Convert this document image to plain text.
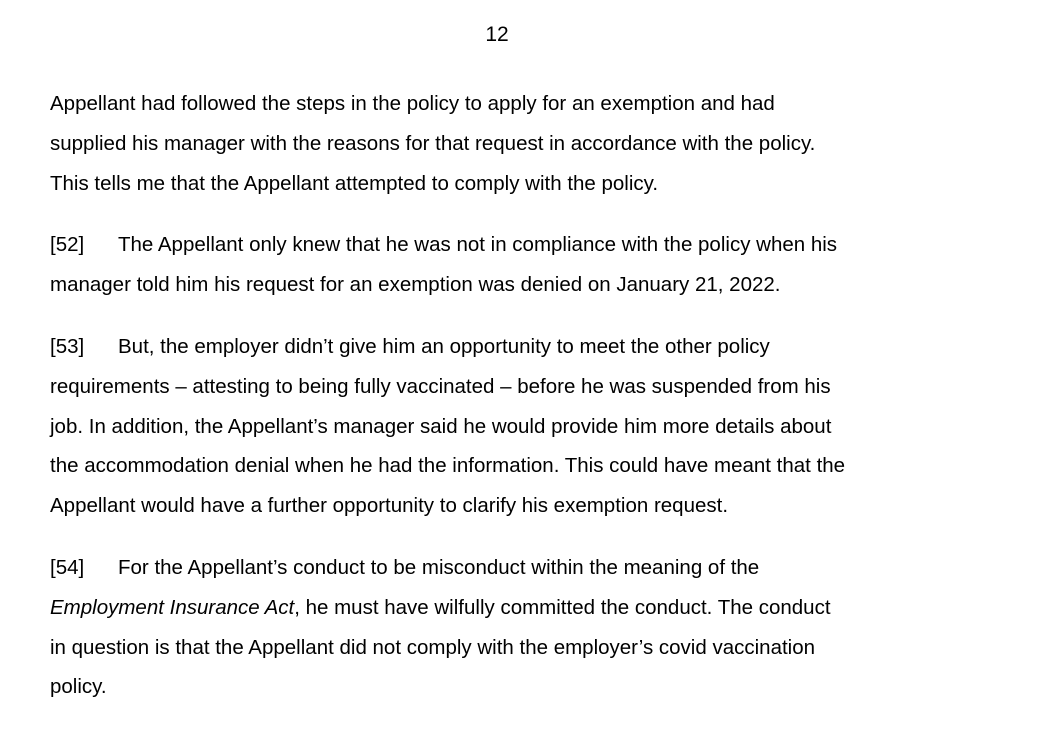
12
Appellant had followed the steps in the policy to apply for an exemption and had
supplied his manager with the reasons for that request in accordance with the policy.
This tells me that the Appellant attempted to comply with the policy.
[52] The Appellant only knew that he was not in compliance with the policy when his
manager told him his request for an exemption was denied on January 21, 2022.
[53] But, the employer didn’t give him an opportunity to meet the other policy
requirements – attesting to being fully vaccinated – before he was suspended from his
job. In addition, the Appellant’s manager said he would provide him more details about
the accommodation denial when he had the information. This could have meant that the
Appellant would have a further opportunity to clarify his exemption request.
[54] For the Appellant’s conduct to be misconduct within the meaning of the
Employment Insurance Act, he must have wilfully committed the conduct. The conduct
in question is that the Appellant did not comply with the employer’s covid vaccination
policy.
